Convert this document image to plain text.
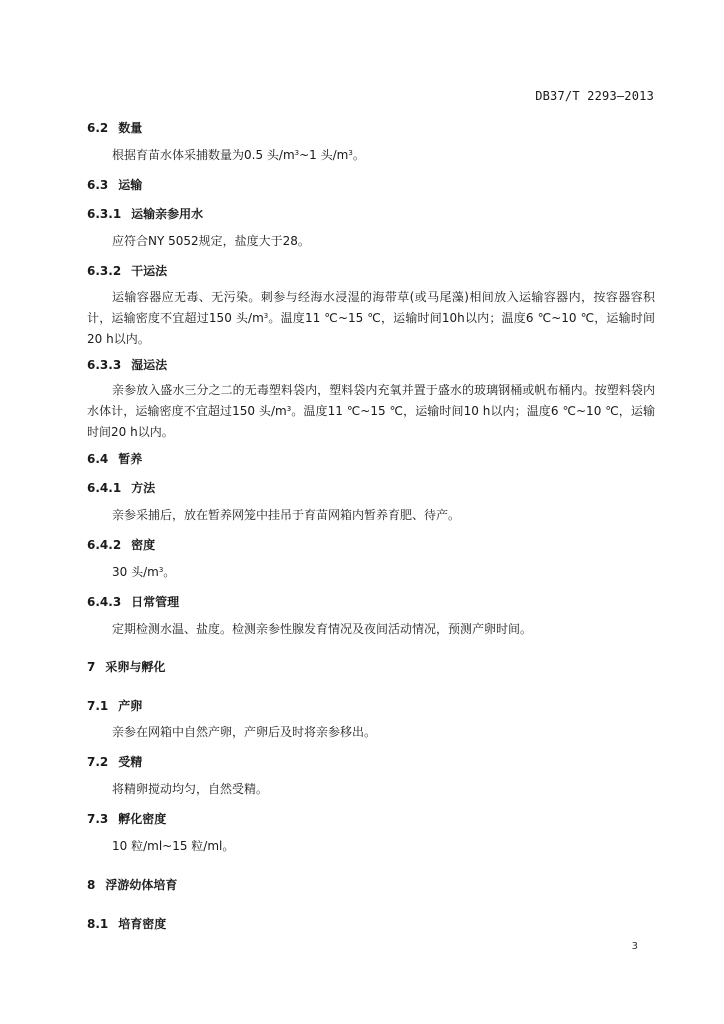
DB37/T 2293—2013
6.2 数量
根据育苗水体采捕数量为0.5 头$/m^3\sim 1$ 头$/m^3$。
6.3 运输
6.3.1 运输亲参用水
应符合NY 5052规定，盐度大于28。
6.3.2 干运法
运输容器应无毒、无污染。刺参与经海水浸湿的海带草(或马尾藻)相间放入运输容器内，按容器容积计，运输密度不宜超过150 头$/m^3$。温度11 ℃~15 ℃，运输时间10h以内；温度6 ℃~10 ℃，运输时间20 h以内。
6.3.3 湿运法
亲参放入盛水三分之二的无毒塑料袋内，塑料袋内充氧并置于盛水的玻璃钢桶或帆布桶内。按塑料袋内水体计，运输密度不宜超过150 头$/m^3$。温度11 ℃~15 ℃，运输时间10 h以内；温度6 ℃~10 ℃，运输时间20 h以内。
6.4 暂养
6.4.1 方法
亲参采捕后，放在暂养网笼中挂吊于育苗网箱内暂养育肥、待产。
6.4.2 密度
30 头$/m^3$。
6.4.3 日常管理
定期检测水温、盐度。检测亲参性腺发育情况及夜间活动情况，预测产卵时间。
7 采卵与孵化
7.1 产卵
亲参在网箱中自然产卵，产卵后及时将亲参移出。
7.2 受精
将精卵搅动均匀，自然受精。
7.3 孵化密度
10 粒/ml~15 粒/ml。
8 浮游幼体培育
8.1 培育密度
3
